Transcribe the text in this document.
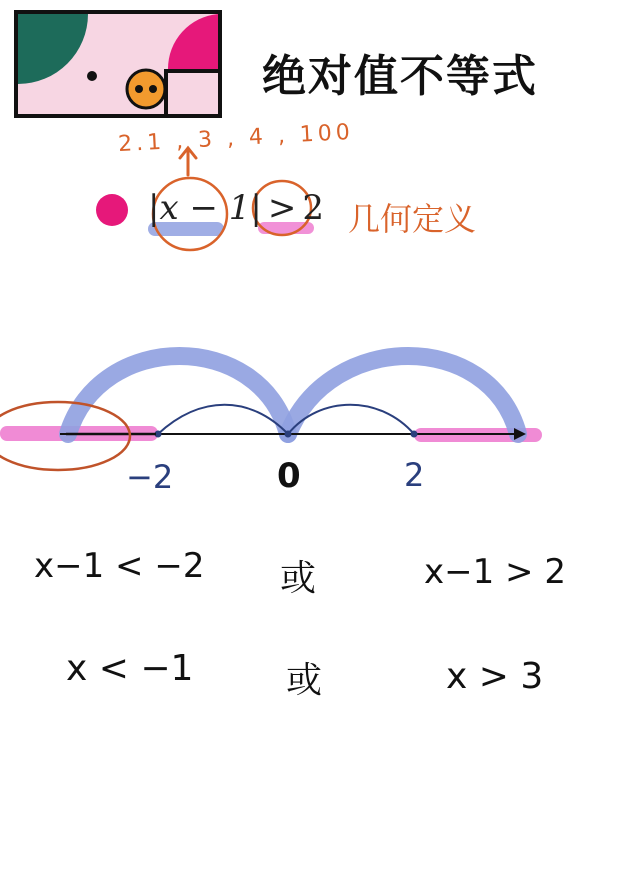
绝对值不等式
2.1 , 3 , 4 , 100
|x − 1| > 2 几何定义
−2	0	2
x−1 < −2 或	x−1 > 2
x < −1	或	x > 3
